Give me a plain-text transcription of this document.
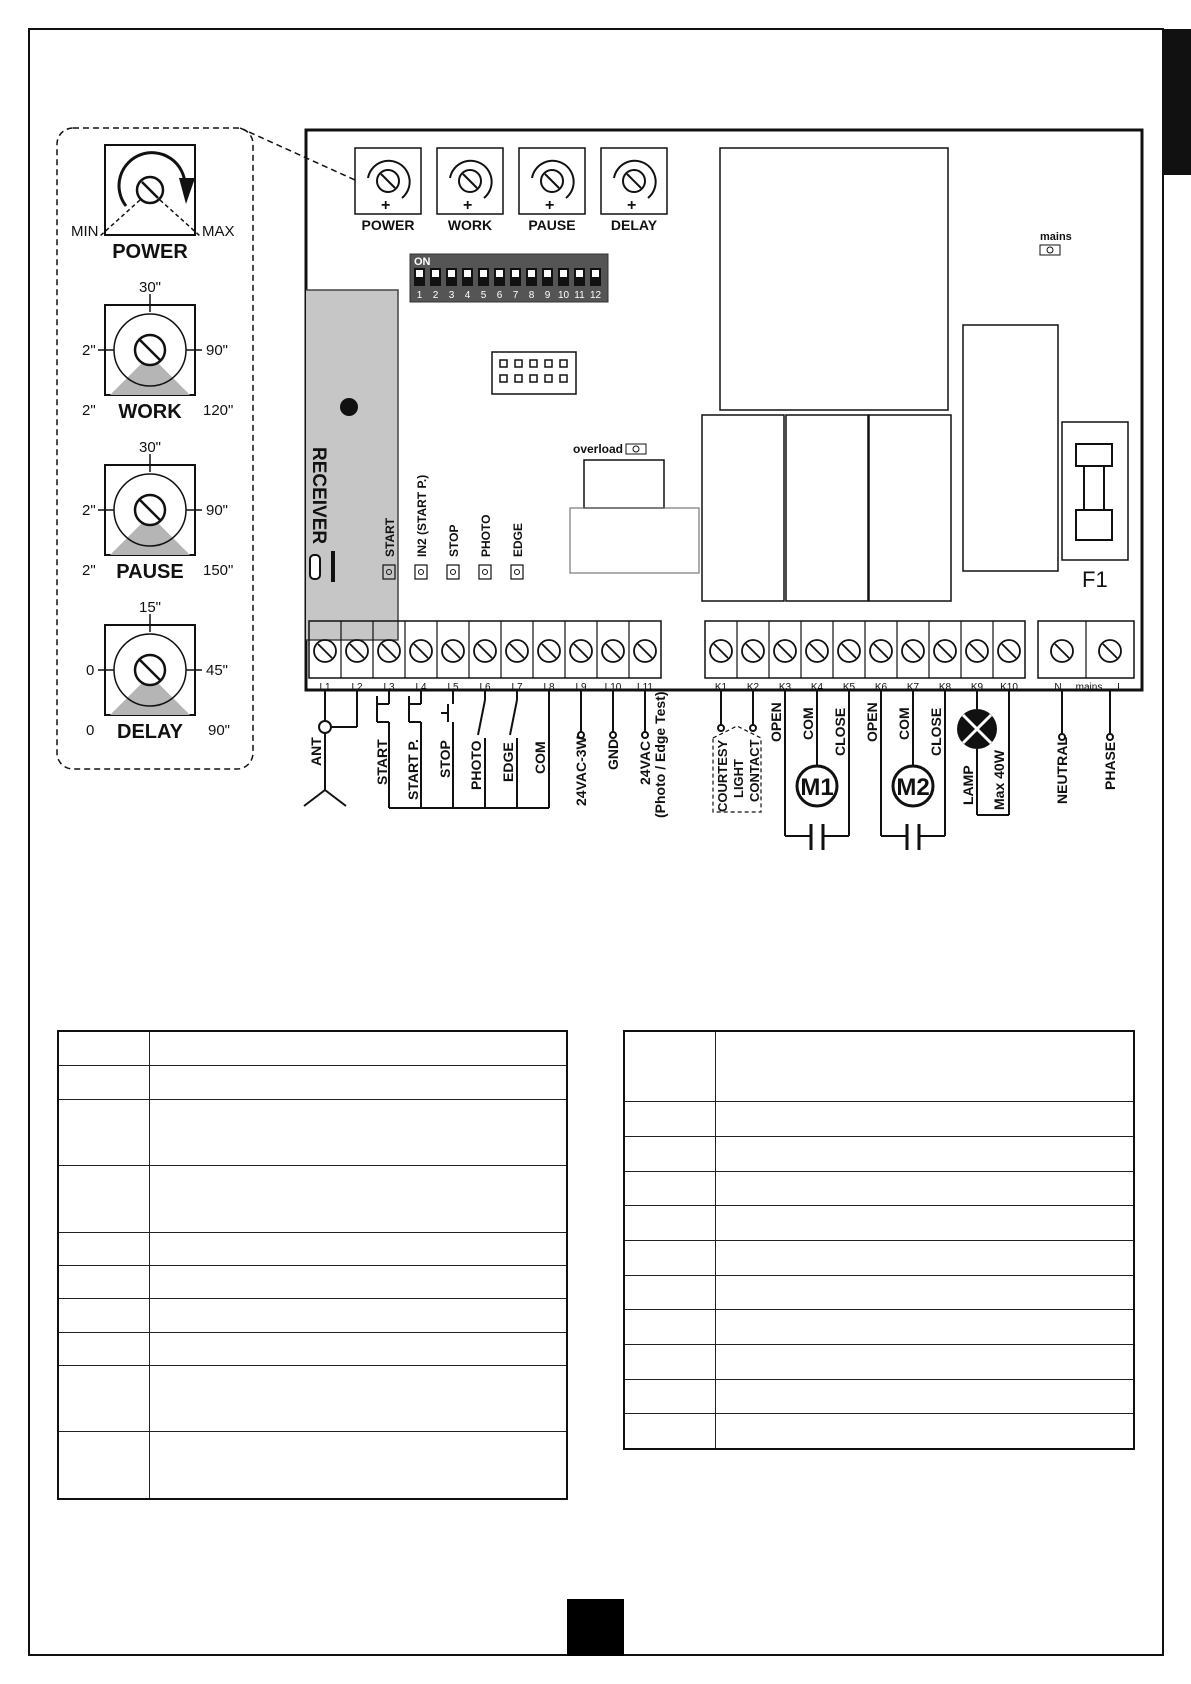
MIN	MAX
POWER
30"
2"	90"
2"	120"
WORK
30"
2"	90"
2"	150"
PAUSE
15"
0	45"
0	90"
DELAY
+
POWER
+
WORK
+
PAUSE
+
DELAY
ON
1 2 3 4 5 6 7 8 9 10 11 12
mains
overload
RECEIVER	START IN2 (START P.) STOP PHOTO EDGE
F1
L1 L2 L3 L4 L5 L6 L7 L8 L9 L10 L11	K1 K2 K3 K4 K5 K6 K7 K8 K9 K10	N mains L
ANT	START START P. STOP PHOTO EDGE COM 24VAC-3W GND 24VAC (Photo / Edge Test)	COURTESY LIGHT CONTACT M1
OPEN COM CLOSE
M2
OPEN COM CLOSE
LAMP Max 40W	NEUTRAL PHASE
